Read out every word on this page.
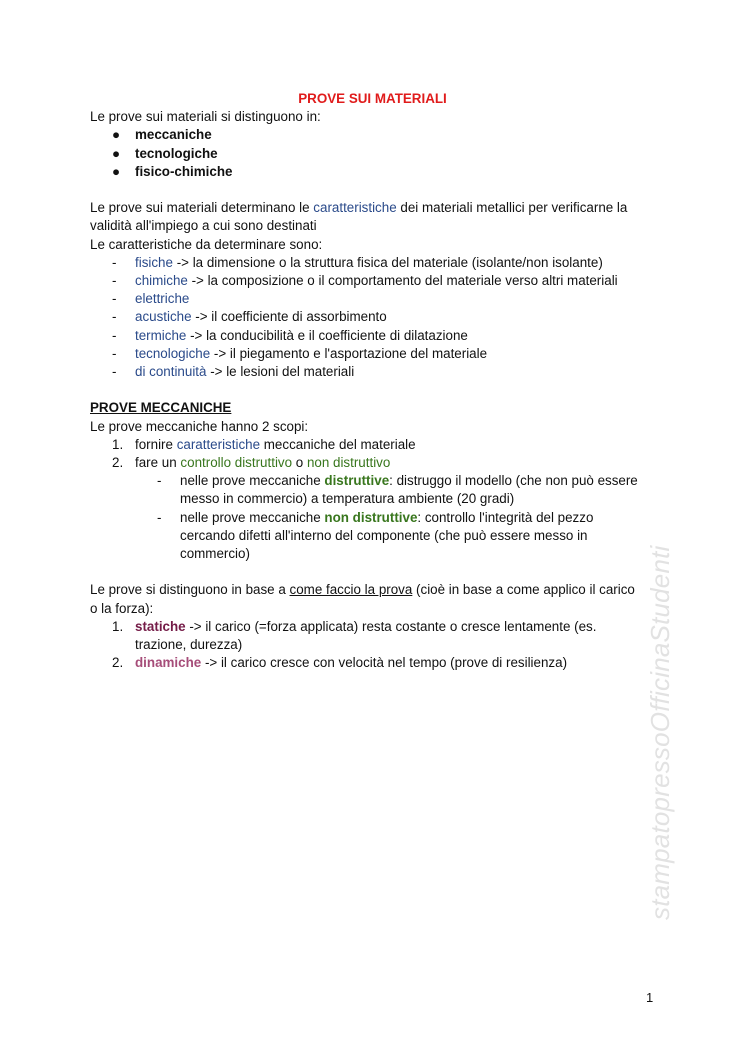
PROVE SUI MATERIALI
Le prove sui materiali si distinguono in:
● meccaniche
● tecnologiche
● fisico-chimiche
Le prove sui materiali determinano le caratteristiche dei materiali metallici per verificarne la
validità all'impiego a cui sono destinati
Le caratteristiche da determinare sono:
- fisiche -> la dimensione o la struttura fisica del materiale (isolante/non isolante)
- chimiche -> la composizione o il comportamento del materiale verso altri materiali
- elettriche
- acustiche -> il coefficiente di assorbimento
- termiche -> la conducibilità e il coefficiente di dilatazione
- tecnologiche -> il piegamento e l'asportazione del materiale
- di continuità -> le lesioni del materiali
PROVE MECCANICHE
Le prove meccaniche hanno 2 scopi:
1. fornire caratteristiche meccaniche del materiale
2. fare un controllo distruttivo o non distruttivo
- nelle prove meccaniche distruttive: distruggo il modello (che non può essere
messo in commercio) a temperatura ambiente (20 gradi)
- nelle prove meccaniche non distruttive: controllo l'integrità del pezzo
cercando difetti all'interno del componente (che può essere messo in
commercio)
Le prove si distinguono in base a come faccio la prova (cioè in base a come applico il carico
o la forza):
1. statiche -> il carico (=forza applicata) resta costante o cresce lentamente (es.
trazione, durezza)
2. dinamiche -> il carico cresce con velocità nel tempo (prove di resilienza)	stampatopressoOfficinaStudenti
1
